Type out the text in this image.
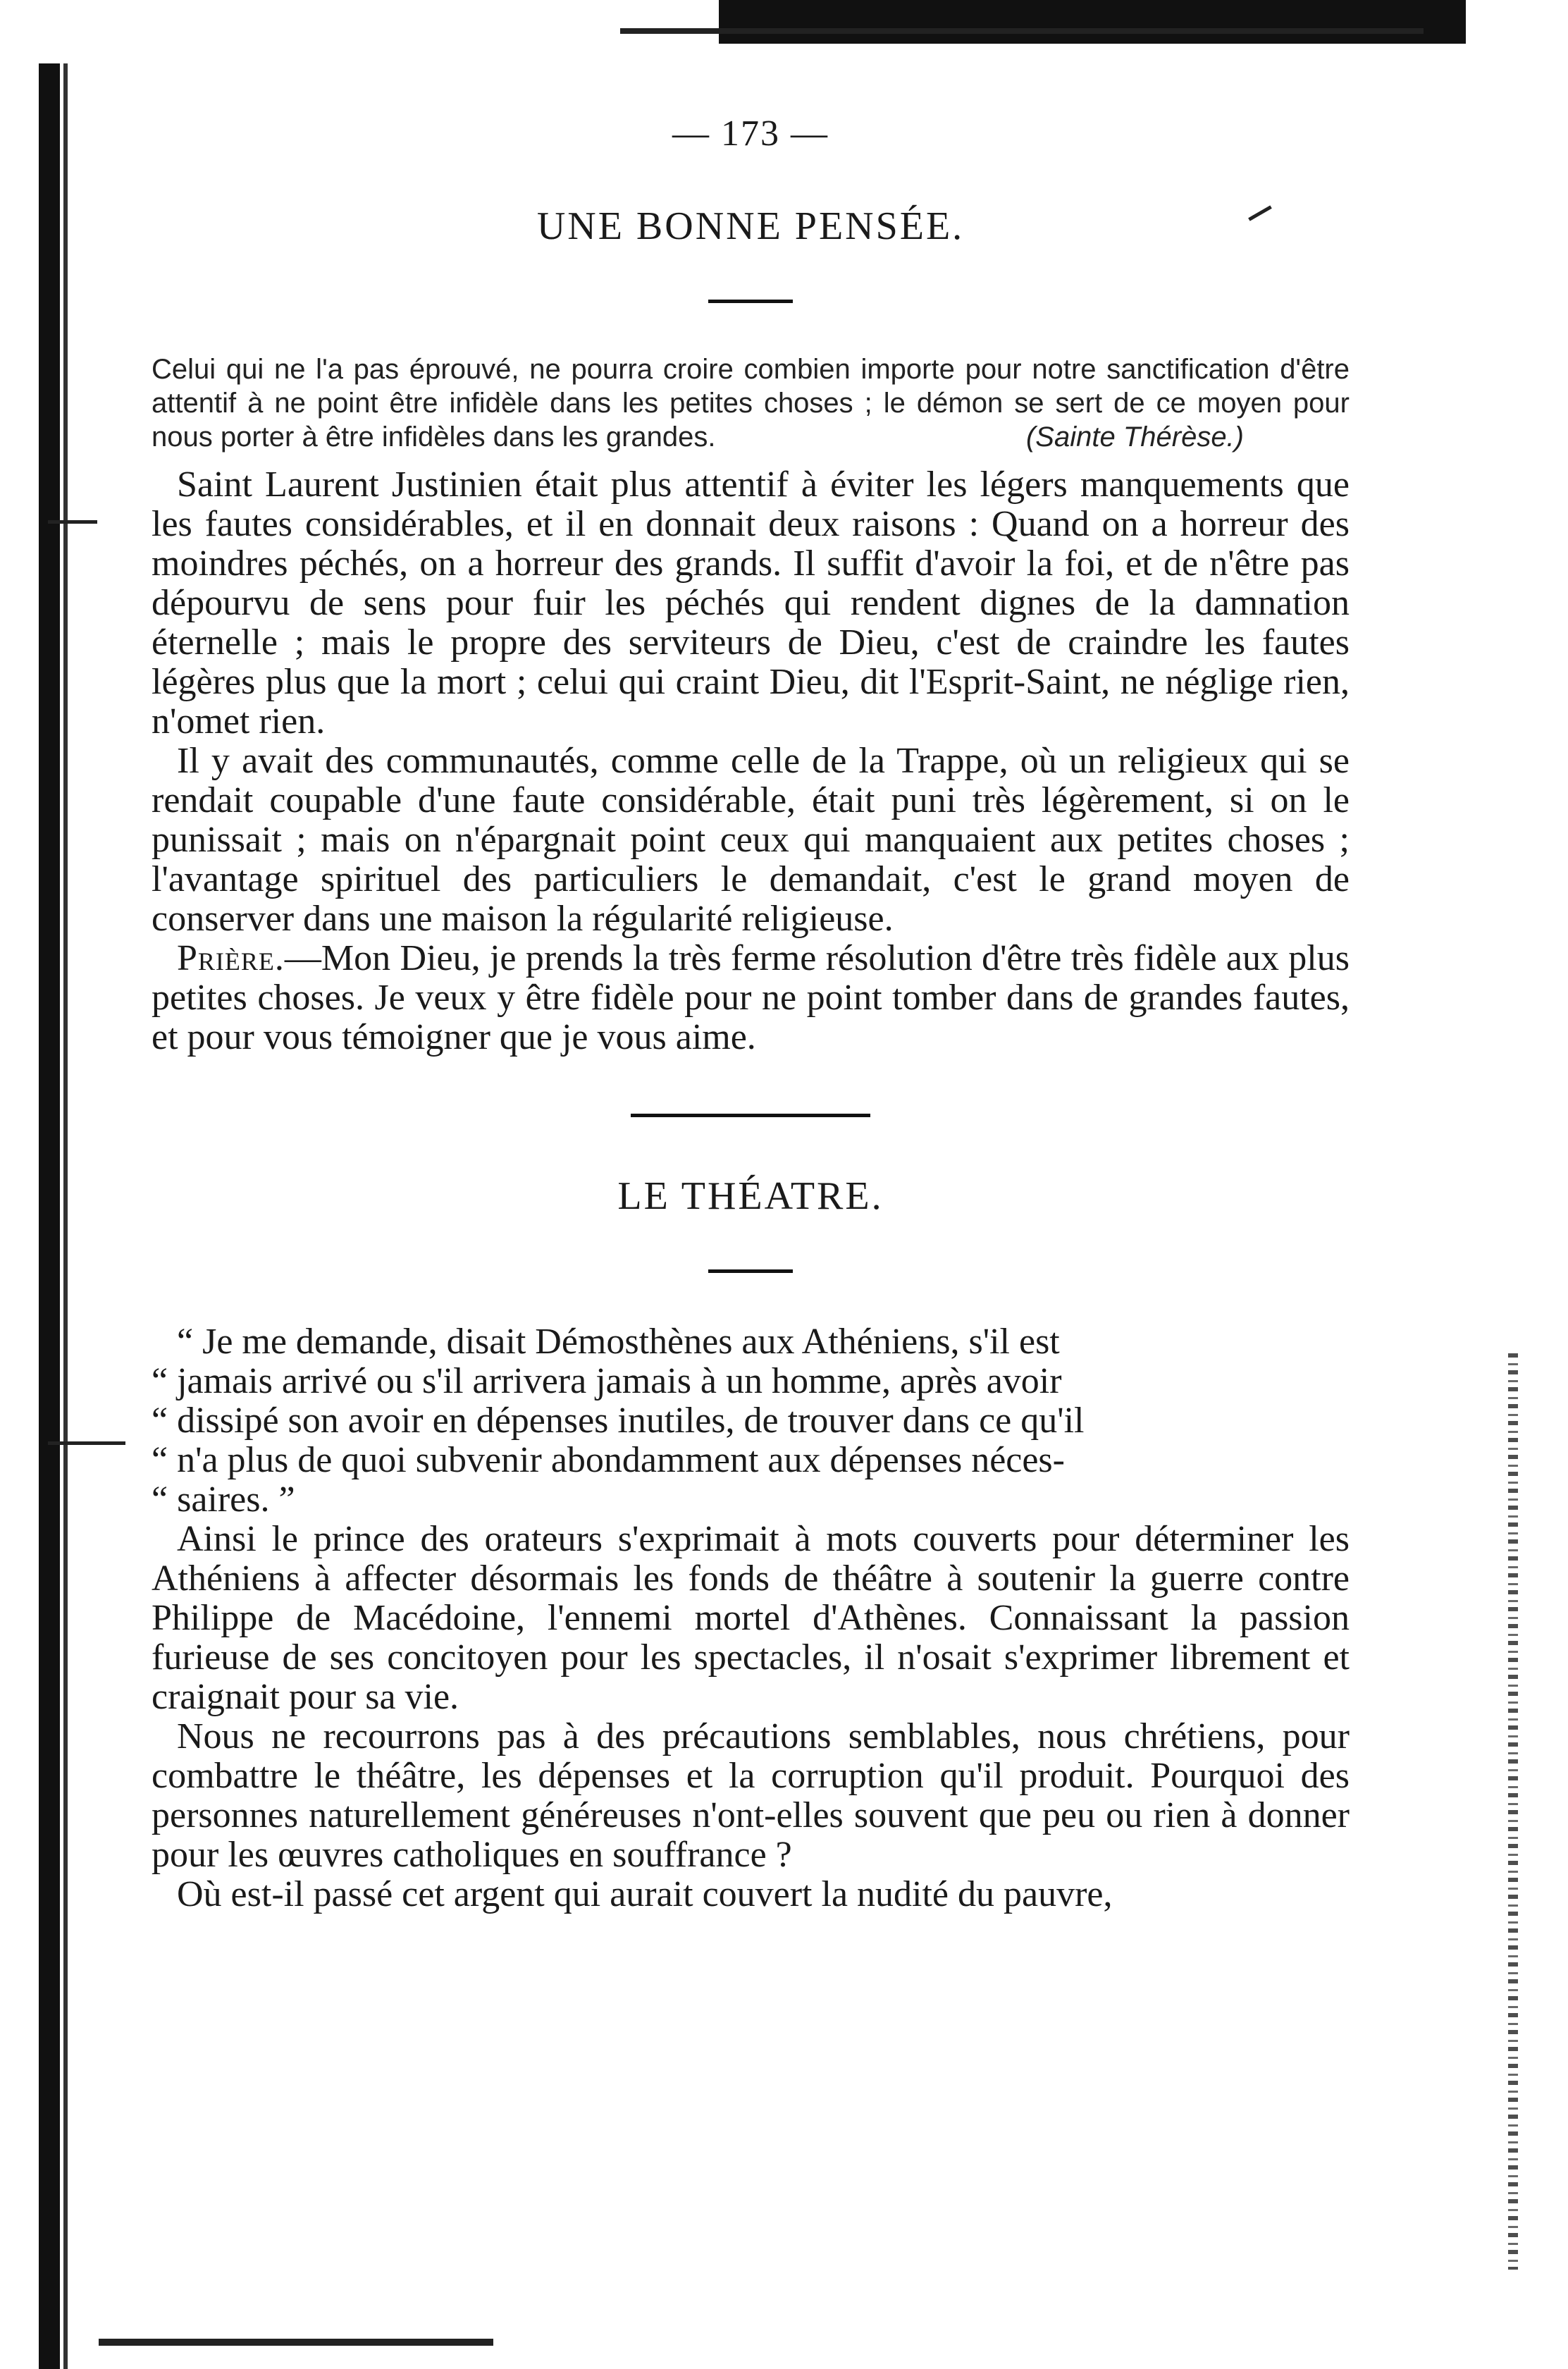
— 173 —
UNE BONNE PENSÉE.
Celui qui ne l'a pas éprouvé, ne pourra croire combien importe pour notre sanctification d'être attentif à ne point être infidèle dans les petites choses ; le démon se sert de ce moyen pour nous porter à être infidèles dans les grandes.	(Sainte Thérèse.)

Saint Laurent Justinien était plus attentif à éviter les légers manquements que les fautes considérables, et il en donnait deux raisons : Quand on a horreur des moindres péchés, on a horreur des grands. Il suffit d'avoir la foi, et de n'être pas dépourvu de sens pour fuir les péchés qui rendent dignes de la damnation éternelle ; mais le propre des serviteurs de Dieu, c'est de craindre les fautes légères plus que la mort ; celui qui craint Dieu, dit l'Esprit-Saint, ne néglige rien, n'omet rien.

Il y avait des communautés, comme celle de la Trappe, où un religieux qui se rendait coupable d'une faute considérable, était puni très légèrement, si on le punissait ; mais on n'épargnait point ceux qui manquaient aux petites choses ; l'avantage spirituel des particuliers le demandait, c'est le grand moyen de conserver dans une maison la régularité religieuse.

Prière.—Mon Dieu, je prends la très ferme résolution d'être très fidèle aux plus petites choses. Je veux y être fidèle pour ne point tomber dans de grandes fautes, et pour vous témoigner que je vous aime.

LE THÉATRE.

“ Je me demande, disait Démosthènes aux Athéniens, s'il est

“ jamais arrivé ou s'il arrivera jamais à un homme, après avoir

“ dissipé son avoir en dépenses inutiles, de trouver dans ce qu'il

“ n'a plus de quoi subvenir abondamment aux dépenses néces-

“ saires. ”

Ainsi le prince des orateurs s'exprimait à mots couverts pour déterminer les Athéniens à affecter désormais les fonds de théâtre à soutenir la guerre contre Philippe de Macédoine, l'ennemi mortel d'Athènes. Connaissant la passion furieuse de ses concitoyen pour les spectacles, il n'osait s'exprimer librement et craignait pour sa vie.

Nous ne recourrons pas à des précautions semblables, nous chrétiens, pour combattre le théâtre, les dépenses et la corruption qu'il produit. Pourquoi des personnes naturellement généreuses n'ont-elles souvent que peu ou rien à donner pour les œuvres catholiques en souffrance ?

Où est-il passé cet argent qui aurait couvert la nudité du pauvre,
